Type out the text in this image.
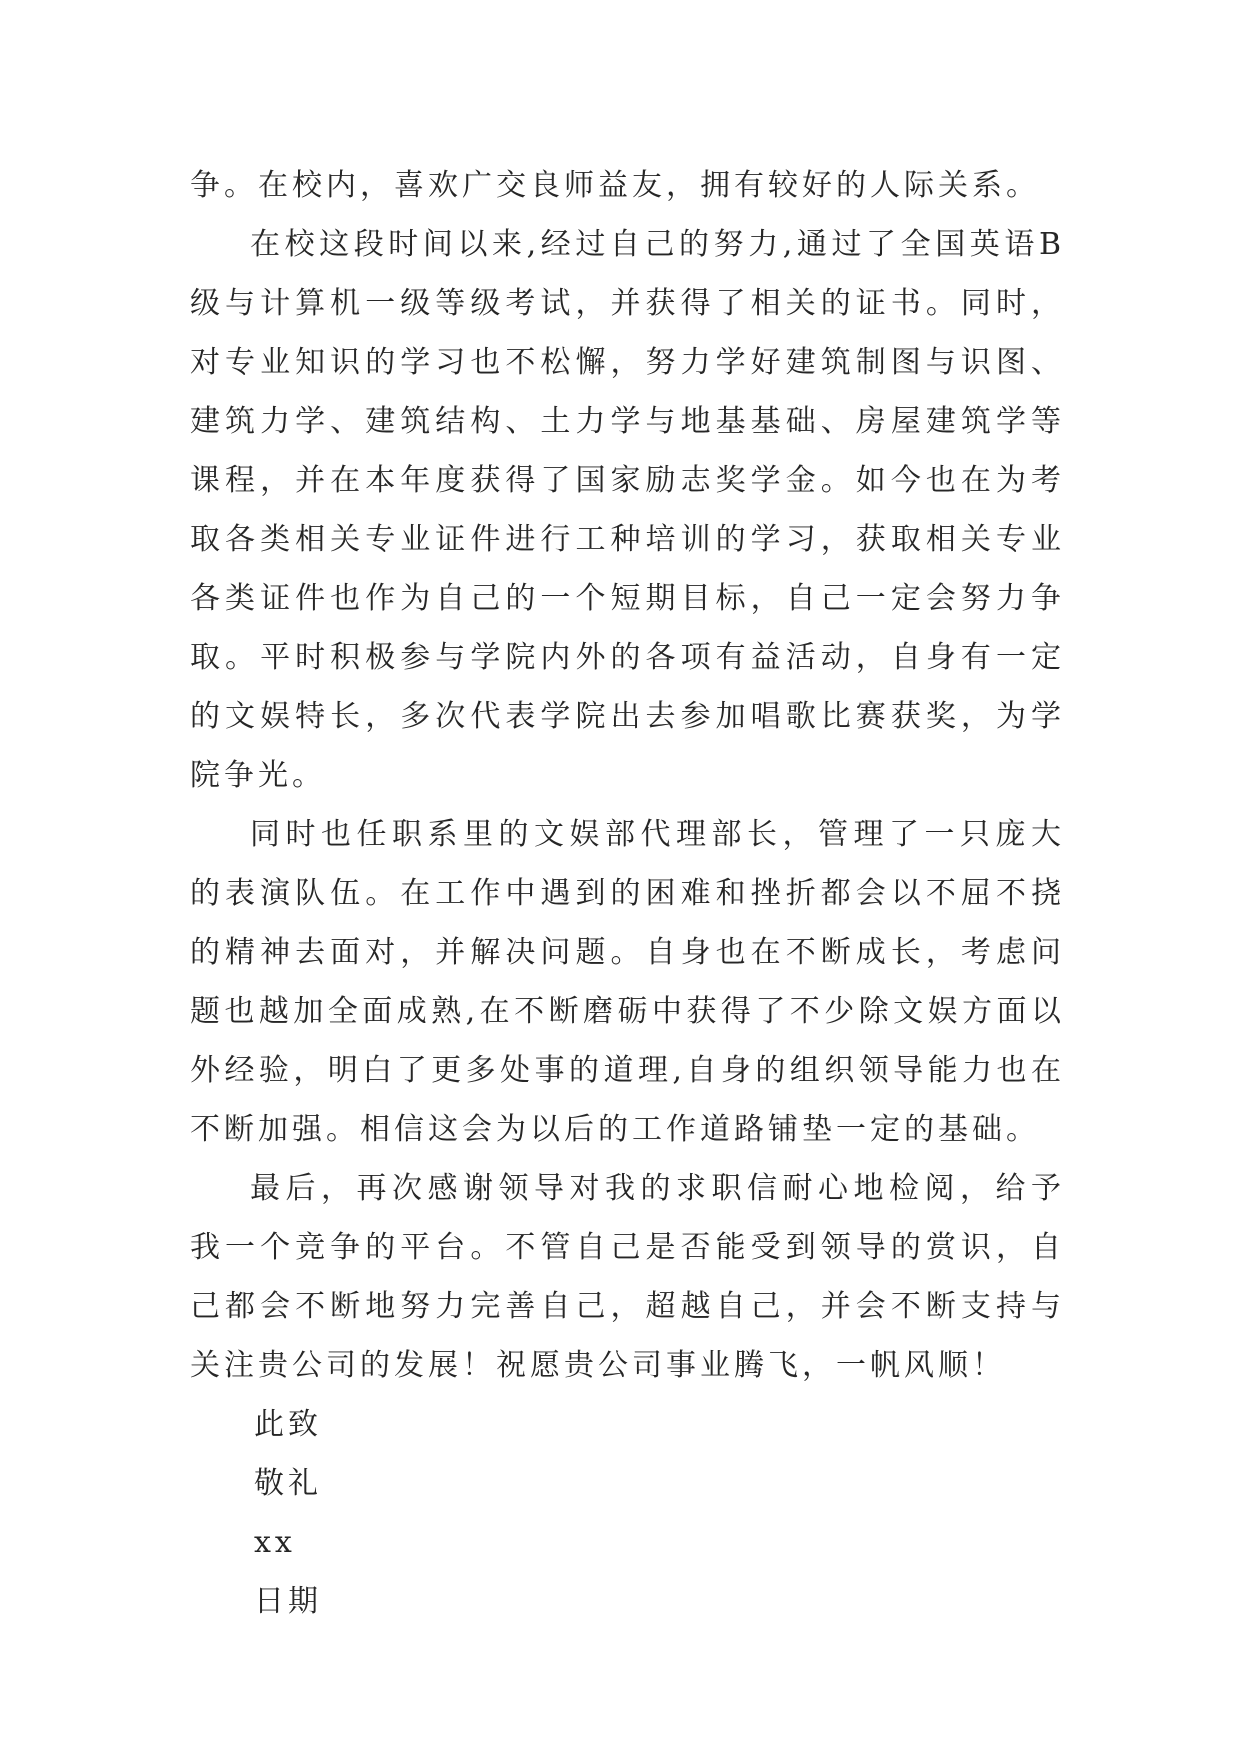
争。在校内，喜欢广交良师益友，拥有较好的人际关系。

在校这段时间以来,经过自己的努力,通过了全国英语B级与计算机一级等级考试，并获得了相关的证书。同时，对专业知识的学习也不松懈，努力学好建筑制图与识图、建筑力学、建筑结构、土力学与地基基础、房屋建筑学等课程，并在本年度获得了国家励志奖学金。如今也在为考取各类相关专业证件进行工种培训的学习，获取相关专业各类证件也作为自己的一个短期目标，自己一定会努力争取。平时积极参与学院内外的各项有益活动，自身有一定的文娱特长，多次代表学院出去参加唱歌比赛获奖，为学院争光。

同时也任职系里的文娱部代理部长，管理了一只庞大的表演队伍。在工作中遇到的困难和挫折都会以不屈不挠的精神去面对，并解决问题。自身也在不断成长，考虑问题也越加全面成熟,在不断磨砺中获得了不少除文娱方面以外经验，明白了更多处事的道理,自身的组织领导能力也在不断加强。相信这会为以后的工作道路铺垫一定的基础。

最后，再次感谢领导对我的求职信耐心地检阅，给予我一个竞争的平台。不管自己是否能受到领导的赏识，自己都会不断地努力完善自己，超越自己，并会不断支持与关注贵公司的发展！祝愿贵公司事业腾飞，一帆风顺！

此致

敬礼

xx

日期
